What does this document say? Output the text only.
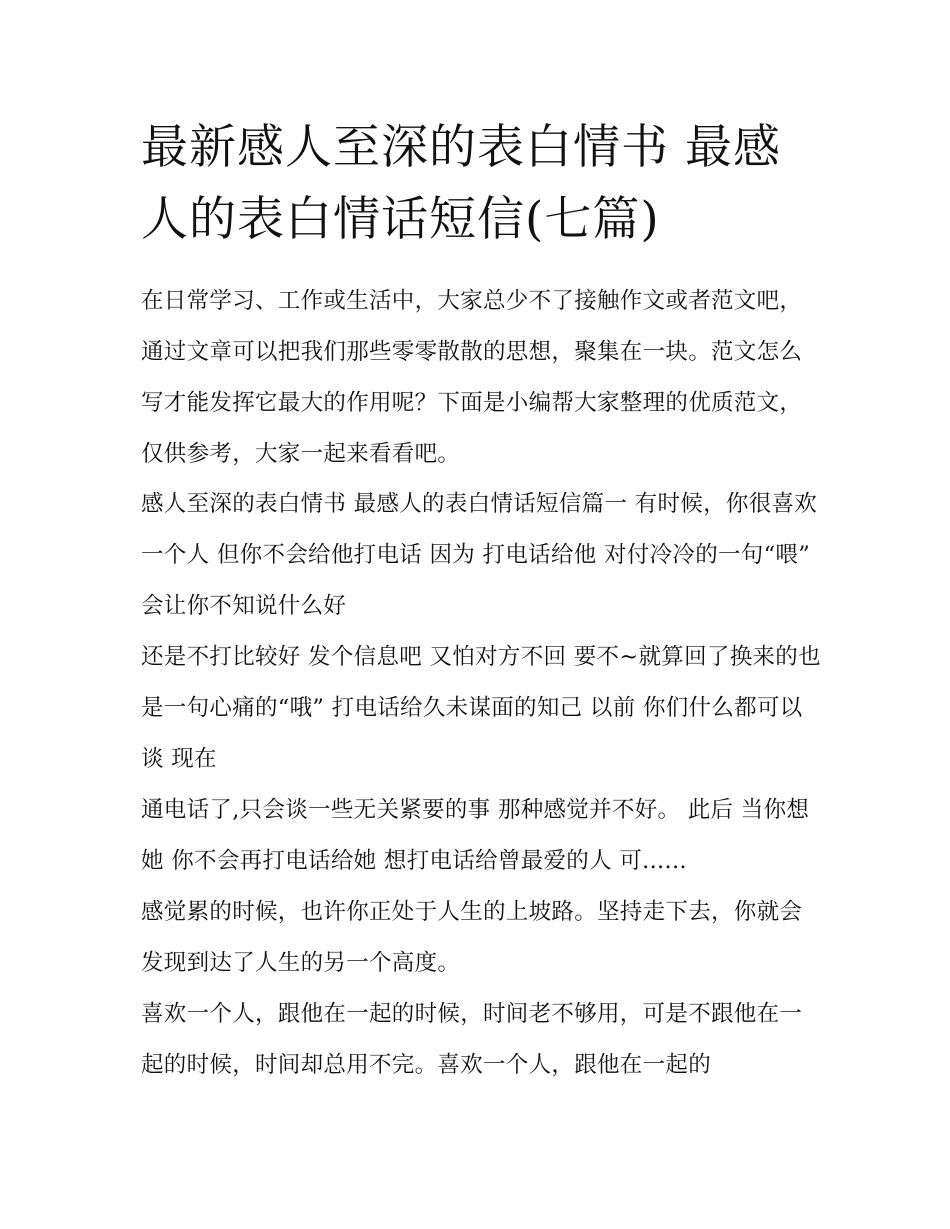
最新感人至深的表白情书 最感人的表白情话短信(七篇)

在日常学习、工作或生活中，大家总少不了接触作文或者范文吧，通过文章可以把我们那些零零散散的思想，聚集在一块。范文怎么写才能发挥它最大的作用呢？下面是小编帮大家整理的优质范文，仅供参考，大家一起来看看吧。

感人至深的表白情书 最感人的表白情话短信篇一 有时候，你很喜欢一个人 但你不会给他打电话 因为 打电话给他 对付冷冷的一句“喂” 会让你不知说什么好

还是不打比较好 发个信息吧 又怕对方不回 要不~就算回了换来的也是一句心痛的“哦” 打电话给久未谋面的知己 以前 你们什么都可以谈 现在

通电话了,只会谈一些无关紧要的事 那种感觉并不好。 此后 当你想她 你不会再打电话给她 想打电话给曾最爱的人 可......

感觉累的时候，也许你正处于人生的上坡路。坚持走下去，你就会发现到达了人生的另一个高度。

喜欢一个人，跟他在一起的时候，时间老不够用，可是不跟他在一起的时候，时间却总用不完。喜欢一个人，跟他在一起的
